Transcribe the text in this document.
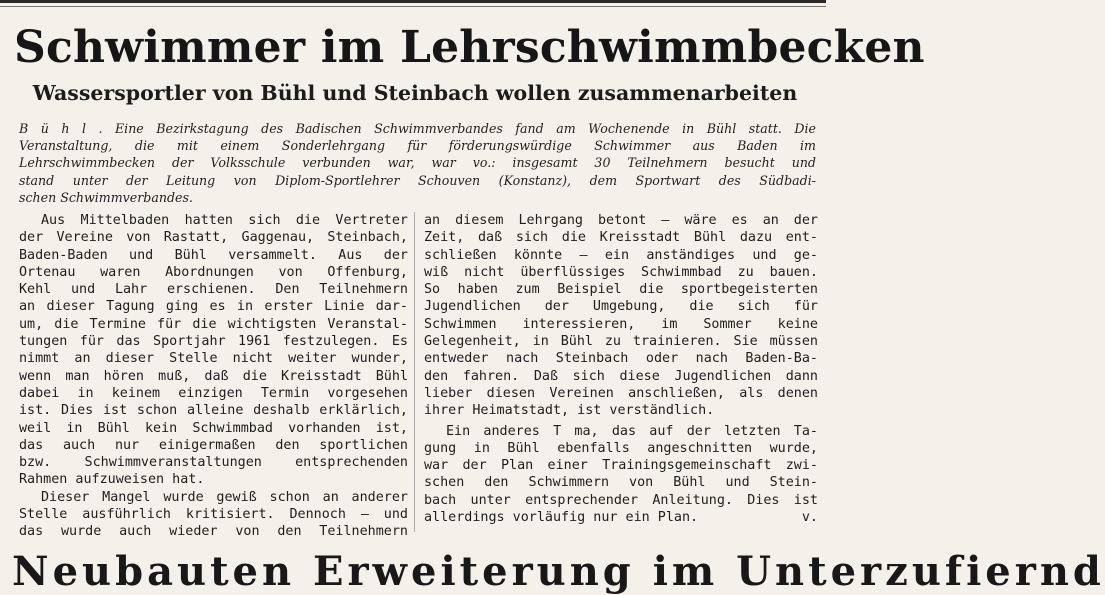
Schwimmer im Lehrschwimmbecken
Wassersportler von Bühl und Steinbach wollen zusammenarbeiten
B ü h l . Eine Bezirkstagung des Badischen Schwimmverbandes fand am Wochenende in Bühl statt. Die
Veranstaltung, die mit einem Sonderlehrgang für förderungswürdige Schwimmer aus Baden im
Lehrschwimmbecken der Volksschule verbunden war, war vo.: insgesamt 30 Teilnehmern besucht und
stand unter der Leitung von Diplom-Sportlehrer Schouven (Konstanz), dem Sportwart des Südbadi-
schen Schwimmverbandes.
Aus Mittelbaden hatten sich die Vertreter
der Vereine von Rastatt, Gaggenau, Steinbach,
Baden-Baden und Bühl versammelt. Aus der
Ortenau waren Abordnungen von Offenburg,
Kehl und Lahr erschienen. Den Teilnehmern
an dieser Tagung ging es in erster Linie dar-
um, die Termine für die wichtigsten Veranstal-
tungen für das Sportjahr 1961 festzulegen. Es
nimmt an dieser Stelle nicht weiter wunder,
wenn man hören muß, daß die Kreisstadt Bühl
dabei in keinem einzigen Termin vorgesehen
ist. Dies ist schon alleine deshalb erklärlich,
weil in Bühl kein Schwimmbad vorhanden ist,
das auch nur einigermaßen den sportlichen
bzw. Schwimmveranstaltungen entsprechenden
Rahmen aufzuweisen hat.
Dieser Mangel wurde gewiß schon an anderer
Stelle ausführlich kritisiert. Dennoch — und
das wurde auch wieder von den Teilnehmern
an diesem Lehrgang betont — wäre es an der
Zeit, daß sich die Kreisstadt Bühl dazu ent-
schließen könnte — ein anständiges und ge-
wiß nicht überflüssiges Schwimmbad zu bauen.
So haben zum Beispiel die sportbegeisterten
Jugendlichen der Umgebung, die sich für
Schwimmen interessieren, im Sommer keine
Gelegenheit, in Bühl zu trainieren. Sie müssen
entweder nach Steinbach oder nach Baden-Ba-
den fahren. Daß sich diese Jugendlichen dann
lieber diesen Vereinen anschließen, als denen
ihrer Heimatstadt, ist verständlich.
Ein anderes T ma, das auf der letzten Ta-
gung in Bühl ebenfalls angeschnitten wurde,
war der Plan einer Trainingsgemeinschaft zwi-
schen den Schwimmern von Bühl und Stein-
bach unter entsprechender Anleitung. Dies ist
allerdings vorläufig nur ein Plan.	v.
Neubauten Erweiterung im Unterzufiernd
